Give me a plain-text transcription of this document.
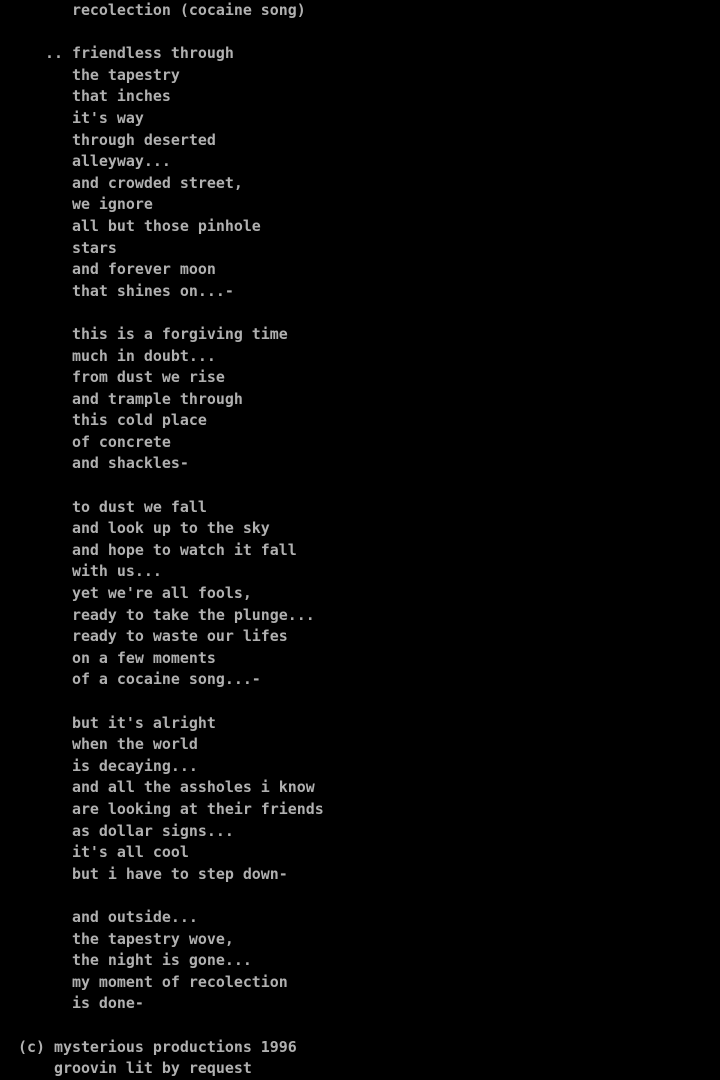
recolection (cocaine song)
.. friendless through
the tapestry
that inches
it's way
through deserted
alleyway...
and crowded street,
we ignore
all but those pinhole
stars
and forever moon
that shines on...-
this is a forgiving time
much in doubt...
from dust we rise
and trample through
this cold place
of concrete
and shackles-
to dust we fall
and look up to the sky
and hope to watch it fall
with us...
yet we're all fools,
ready to take the plunge...
ready to waste our lifes
on a few moments
of a cocaine song...-
but it's alright
when the world
is decaying...
and all the assholes i know
are looking at their friends
as dollar signs...
it's all cool
but i have to step down-
and outside...
the tapestry wove,
the night is gone...
my moment of recolection
is done-
(c) mysterious productions 1996
groovin lit by request
